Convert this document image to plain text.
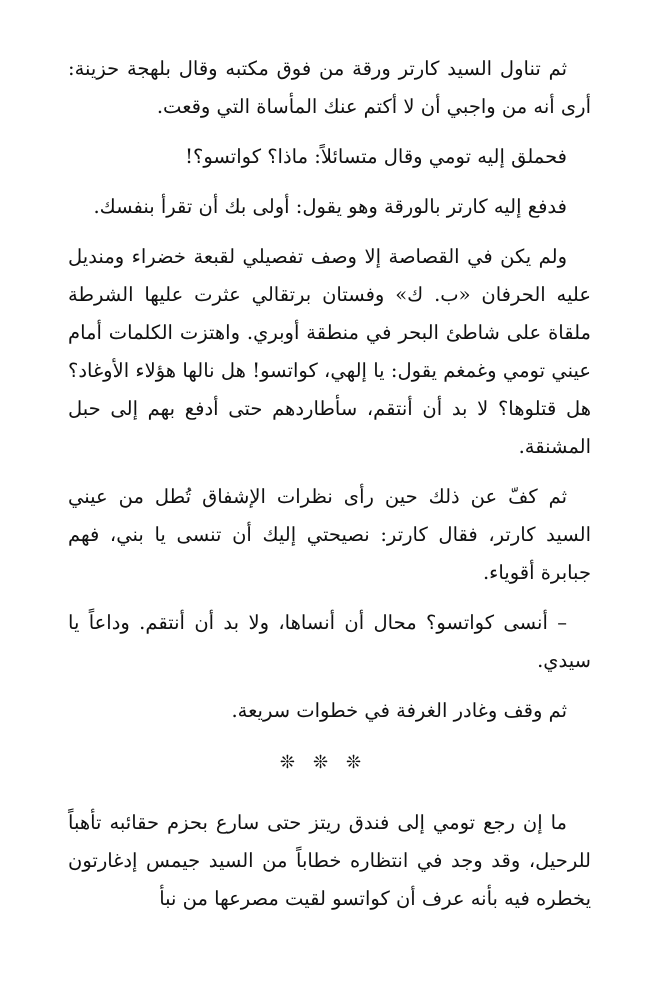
ثم تناول السيد كارتر ورقة من فوق مكتبه وقال بلهجة حزينة: أرى أنه من واجبي أن لا أكتم عنك المأساة التي وقعت.

فحملق إليه تومي وقال متسائلاً: ماذا؟ كواتسو؟!

فدفع إليه كارتر بالورقة وهو يقول: أولى بك أن تقرأ بنفسك.

ولم يكن في القصاصة إلا وصف تفصيلي لقبعة خضراء ومنديل عليه الحرفان «ب. ك» وفستان برتقالي عثرت عليها الشرطة ملقاة على شاطئ البحر في منطقة أوبري. واهتزت الكلمات أمام عيني تومي وغمغم يقول: يا إلهي، كواتسو! هل نالها هؤلاء الأوغاد؟ هل قتلوها؟ لا بد أن أنتقم، سأطاردهم حتى أدفع بهم إلى حبل المشنقة.

ثم كفّ عن ذلك حين رأى نظرات الإشفاق تُطل من عيني السيد كارتر، فقال كارتر: نصيحتي إليك أن تنسى يا بني، فهم جبابرة أقوياء.

– أنسى كواتسو؟ محال أن أنساها، ولا بد أن أنتقم. وداعاً يا سيدي.

ثم وقف وغادر الغرفة في خطوات سريعة.

❊❊❊

ما إن رجع تومي إلى فندق ريتز حتى سارع بحزم حقائبه تأهباً للرحيل، وقد وجد في انتظاره خطاباً من السيد جيمس إدغارتون يخطره فيه بأنه عرف أن كواتسو لقيت مصرعها من نبأ
